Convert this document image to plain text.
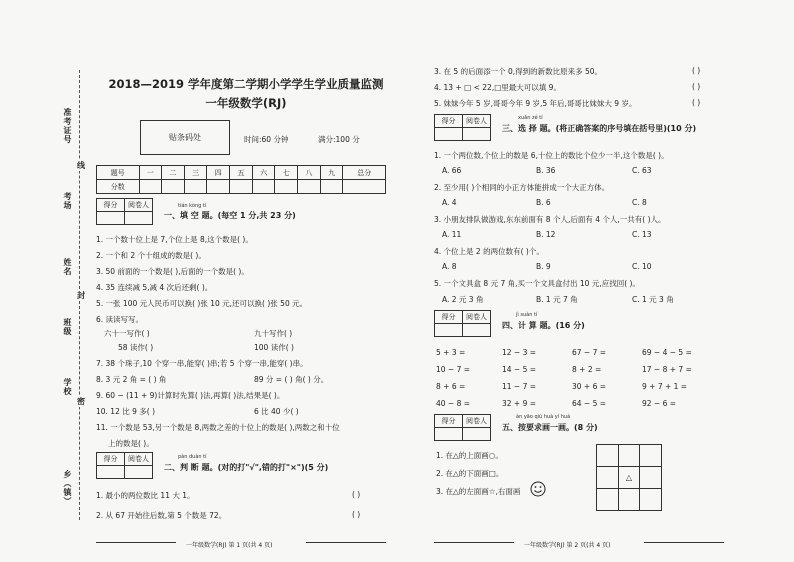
准考证号
考场
姓名
班级
学校
乡（镇）
线
封
密
2018—2019 学年度第二学期小学学生学业质量监测
一年级数学(RJ)
贴条码处	时间:60 分钟	满分:100 分
题号	一	二	三	四	五	六	七	八	九	总分
分数										
得分	阅卷人
		tián kòng tí
一、填 空 题。(每空 1 分,共 23 分)
1. 一个数十位上是 7,个位上是 8,这个数是( )。
2. 一个和 2 个十组成的数是( )。
3. 50 前面的一个数是( ),后面的一个数是( )。
4. 35 连续减 5,减 4 次后还剩( )。
5. 一张 100 元人民币可以换( )张 10 元,还可以换( )张 50 元。
6. 读读写写。
六十一写作( )	九十写作( )
58 读作( )	100 读作( )
7. 38 个珠子,10 个穿一串,能穿( )串;若 5 个穿一串,能穿( )串。
8. 3 元 2 角 = ( ) 角	89 分 = ( ) 角( ) 分。
9. 60 − (11 + 9)计算时先算( )法,再算( )法,结果是( )。
10. 12 比 9 多( )	6 比 40 少( )
11. 一个数是 53,另一个数是 8,两数之差的十位上的数是( ),两数之和十位
上的数是( )。
得分	阅卷人
		pàn duàn tí
二、判 断 题。(对的打"√",错的打"×")(5 分)
1. 最小的两位数比 11 大 1。	( )
2. 从 67 开始往后数,第 5 个数是 72。	( )
一年级数学(RJ) 第 1 页(共 4 页)
3. 在 5 的后面添一个 0,得到的新数比原来多 50。	( )
4. 13 + □ < 22,□里最大可以填 9。	( )
5. 妹妹今年 5 岁,哥哥今年 9 岁,5 年后,哥哥比妹妹大 9 岁。	( )
得分	阅卷人
		xuǎn zé tí
三、选 择 题。(将正确答案的序号填在括号里)(10 分)
1. 一个两位数,个位上的数是 6,十位上的数比个位少一半,这个数是( )。
A. 66	B. 36	C. 63
2. 至少用( )个相同的小正方体能拼成一个大正方体。
A. 4	B. 6	C. 8
3. 小朋友排队做游戏,东东前面有 8 个人,后面有 4 个人,一共有( )人。
A. 11	B. 12	C. 13
4. 个位上是 2 的两位数有( )个。
A. 8	B. 9	C. 10
5. 一个文具盒 8 元 7 角,买一个文具盒付出 10 元,应找回( )。
A. 2 元 3 角	B. 1 元 7 角	C. 1 元 3 角
得分	阅卷人
		jì suàn tí
四、计 算 题。(16 分)
5 + 3 =	12 − 3 =	67 − 7 =	69 − 4 − 5 =
10 − 7 =	14 − 5 =	8 + 2 =	17 − 8 + 7 =
8 + 6 =	11 − 7 =	30 + 6 =	9 + 7 + 1 =
40 − 8 =	32 + 9 =	64 − 5 =	92 − 6 =
得分	阅卷人
		àn yāo qiú huà yí huà
五、按要求画一画。(8 分)
1. 在△的上面画○。
2. 在△的下面画□。
3. 在△的左面画☆,右面画

	△	

一年级数学(RJ) 第 2 页(共 4 页)
